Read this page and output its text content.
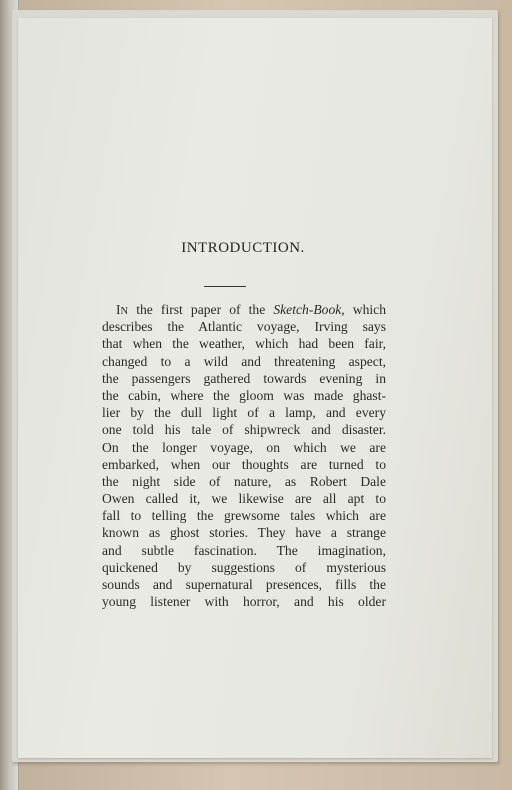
INTRODUCTION.
IN the first paper of the Sketch-Book, which
describes the Atlantic voyage, Irving says
that when the weather, which had been fair,
changed to a wild and threatening aspect,
the passengers gathered towards evening in
the cabin, where the gloom was made ghast-
lier by the dull light of a lamp, and every
one told his tale of shipwreck and disaster.
On the longer voyage, on which we are
embarked, when our thoughts are turned to
the night side of nature, as Robert Dale
Owen called it, we likewise are all apt to
fall to telling the grewsome tales which are
known as ghost stories. They have a strange
and subtle fascination. The imagination,
quickened by suggestions of mysterious
sounds and supernatural presences, fills the
young listener with horror, and his older
